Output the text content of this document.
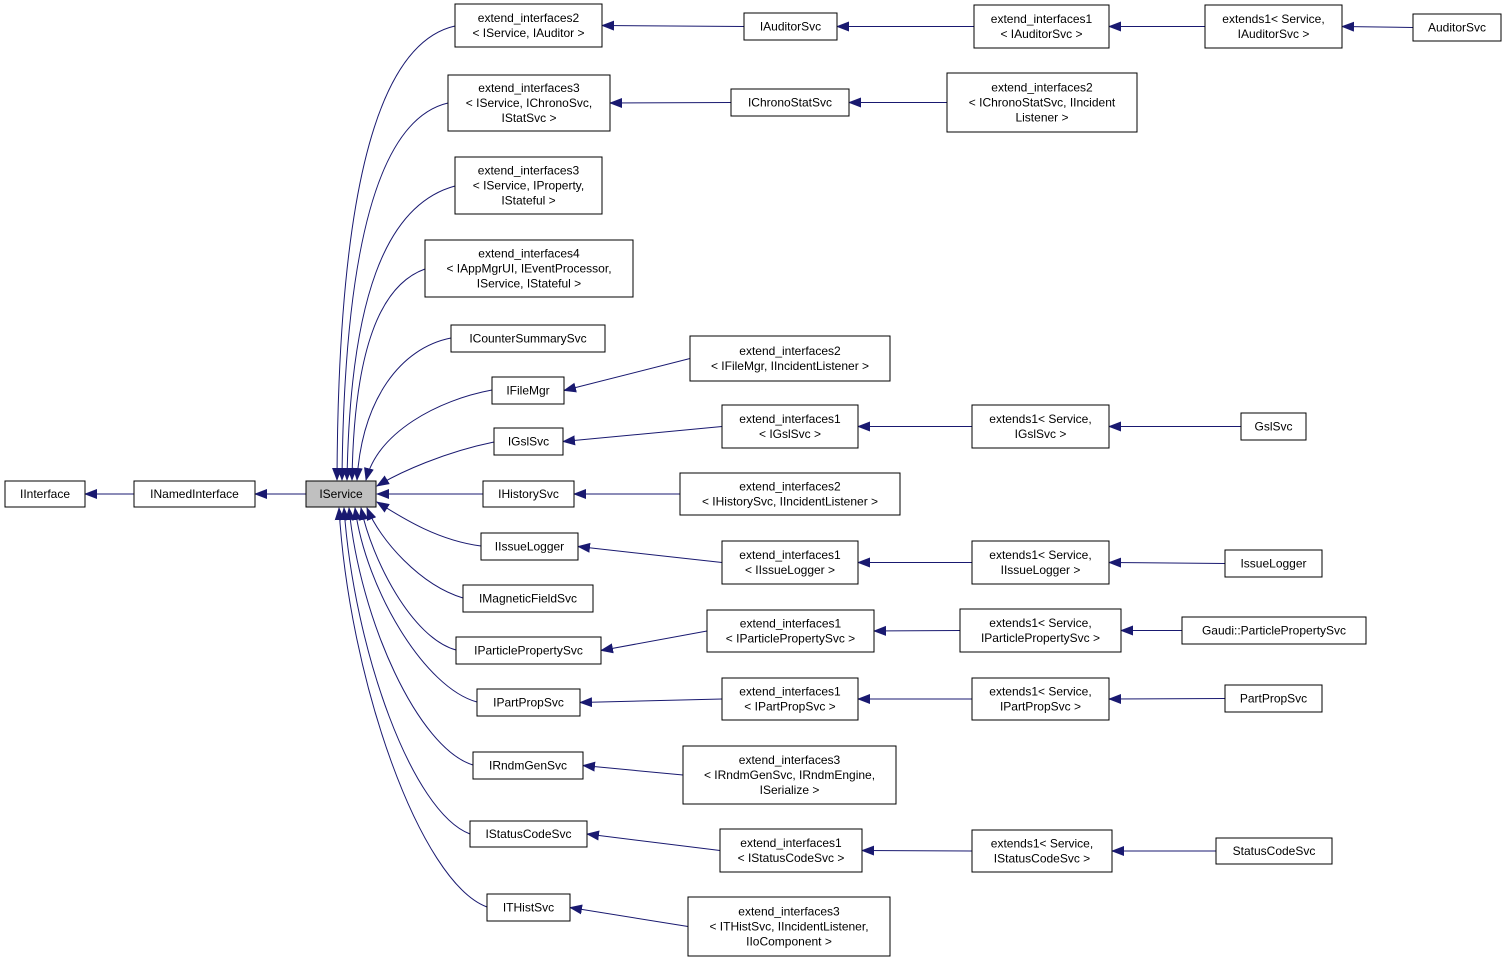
IInterface	INamedInterface	IService
extend_interfaces2 < IService, IAuditor >	IAuditorSvc
extend_interfaces1 < IAuditorSvc >
extends1< Service, IAuditorSvc >	AuditorSvc
extend_interfaces3 < IService, IChronoSvc, IStatSvc >
IChronoStatSvc
extend_interfaces2 < IChronoStatSvc, IIncident Listener >
extend_interfaces3 < IService, IProperty, IStateful >
extend_interfaces4 < IAppMgrUI, IEventProcessor, IService, IStateful >
ICounterSummarySvc
IFileMgr
extend_interfaces2 < IFileMgr, IIncidentListener >
IGslSvc
extend_interfaces1 < IGslSvc >
extends1< Service, IGslSvc >
GslSvc
IHistorySvc
extend_interfaces2 < IHistorySvc, IIncidentListener >
IIssueLogger
extend_interfaces1 < IIssueLogger >
extends1< Service, IIssueLogger >	IssueLogger
IMagneticFieldSvc
IParticlePropertySvc
extend_interfaces1 < IParticlePropertySvc >
extends1< Service, IParticlePropertySvc >
Gaudi::ParticlePropertySvc
IPartPropSvc
extend_interfaces1 < IPartPropSvc >
extends1< Service, IPartPropSvc >
PartPropSvc
IRndmGenSvc	extend_interfaces3 < IRndmGenSvc, IRndmEngine, ISerialize >
IStatusCodeSvc
extend_interfaces1 < IStatusCodeSvc >
extends1< Service, IStatusCodeSvc >
StatusCodeSvc
ITHistSvc	extend_interfaces3 < ITHistSvc, IIncidentListener, IIoComponent >
